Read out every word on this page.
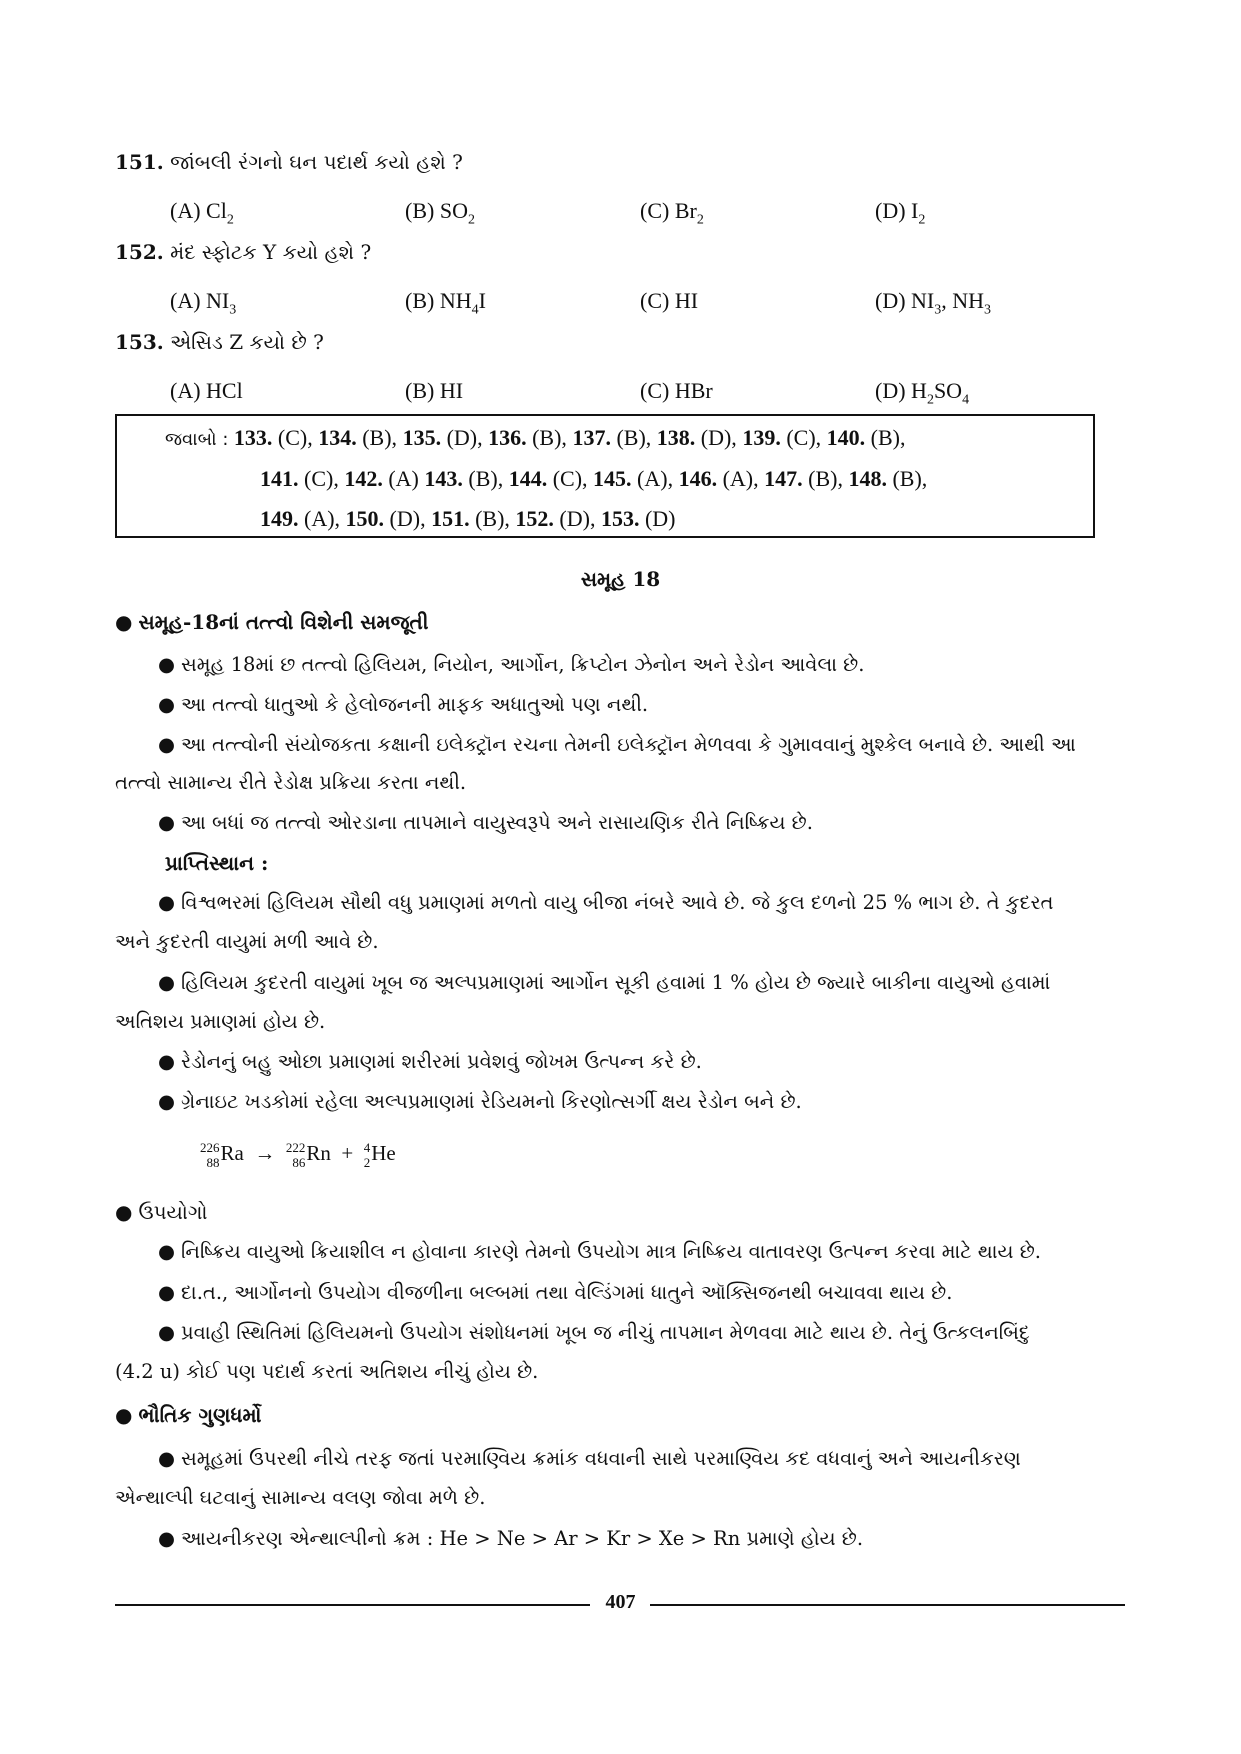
151. જાંબલી રંગનો ઘન પદાર્થ કયો હશે ?
(A) $Cl_2$	(B) $SO_2$	(C) $Br_2$	(D) $I_2$
152. મંદ સ્ફોટક Y કયો હશે ?
(A) $NI_3$	(B) $NH_4I$	(C) HI	(D) $NI_3$, $NH_3$
153. એસિડ Z કયો છે ?
(A) HCl	(B) HI	(C) HBr	(D) $H_2SO_4$
જવાબો : 133. (C), 134. (B), 135. (D), 136. (B), 137. (B), 138. (D), 139. (C), 140. (B),
141. (C), 142. (A) 143. (B), 144. (C), 145. (A), 146. (A), 147. (B), 148. (B),
149. (A), 150. (D), 151. (B), 152. (D), 153. (D)
સમૂહ 18
● સમૂહ-18નાં તત્ત્વો વિશેની સમજૂતી
● સમૂહ 18માં છ તત્ત્વો હિલિયમ, નિયોન, આર્ગોન, ક્રિપ્ટોન ઝેનોન અને રેડોન આવેલા છે.
● આ તત્ત્વો ધાતુઓ કે હેલોજનની માફક અધાતુઓ પણ નથી.
● આ તત્ત્વોની સંયોજકતા કક્ષાની ઇલેક્ટ્રૉન રચના તેમની ઇલેક્ટ્રૉન મેળવવા કે ગુમાવવાનું મુશ્કેલ બનાવે છે. આથી આ
તત્ત્વો સામાન્ય રીતે રેડોક્ષ પ્રક્રિયા કરતા નથી.
● આ બધાં જ તત્ત્વો ઓરડાના તાપમાને વાયુસ્વરૂપે અને રાસાયણિક રીતે નિષ્ક્રિય છે.
પ્રાપ્તિસ્થાન :
● વિશ્વભરમાં હિલિયમ સૌથી વધુ પ્રમાણમાં મળતો વાયુ બીજા નંબરે આવે છે. જે કુલ દળનો 25 % ભાગ છે. તે કુદરત
અને કુદરતી વાયુમાં મળી આવે છે.
● હિલિયમ કુદરતી વાયુમાં ખૂબ જ અલ્પપ્રમાણમાં આર્ગોન સૂકી હવામાં 1 % હોય છે જ્યારે બાકીના વાયુઓ હવામાં
અતિશય પ્રમાણમાં હોય છે.
● રેડોનનું બહુ ઓછા પ્રમાણમાં શરીરમાં પ્રવેશવું જોખમ ઉત્પન્ન કરે છે.
● ગ્રેનાઇટ ખડકોમાં રહેલા અલ્પપ્રમાણમાં રેડિયમનો કિરણોત્સર્ગી ક્ષય રેડોન બને છે.
226
88 Ra → 222
86 Rn + 4
2 He
● ઉપયોગો
● નિષ્ક્રિય વાયુઓ ક્રિયાશીલ ન હોવાના કારણે તેમનો ઉપયોગ માત્ર નિષ્ક્રિય વાતાવરણ ઉત્પન્ન કરવા માટે થાય છે.
● દા.ત., આર્ગોનનો ઉપયોગ વીજળીના બલ્બમાં તથા વેલ્ડિંગમાં ધાતુને ઑક્સિજનથી બચાવવા થાય છે.
● પ્રવાહી સ્થિતિમાં હિલિયમનો ઉપયોગ સંશોધનમાં ખૂબ જ નીચું તાપમાન મેળવવા માટે થાય છે. તેનું ઉત્કલનબિંદુ
(4.2 u) કોઈ પણ પદાર્થ કરતાં અતિશય નીચું હોય છે.
● ભૌતિક ગુણધર્મો
● સમૂહમાં ઉપરથી નીચે તરફ જતાં પરમાણ્વિય ક્રમાંક વધવાની સાથે પરમાણ્વિય કદ વધવાનું અને આયનીકરણ
એન્થાલ્પી ઘટવાનું સામાન્ય વલણ જોવા મળે છે.
● આયનીકરણ એન્થાલ્પીનો ક્રમ : He > Ne > Ar > Kr > Xe > Rn પ્રમાણે હોય છે.
407
